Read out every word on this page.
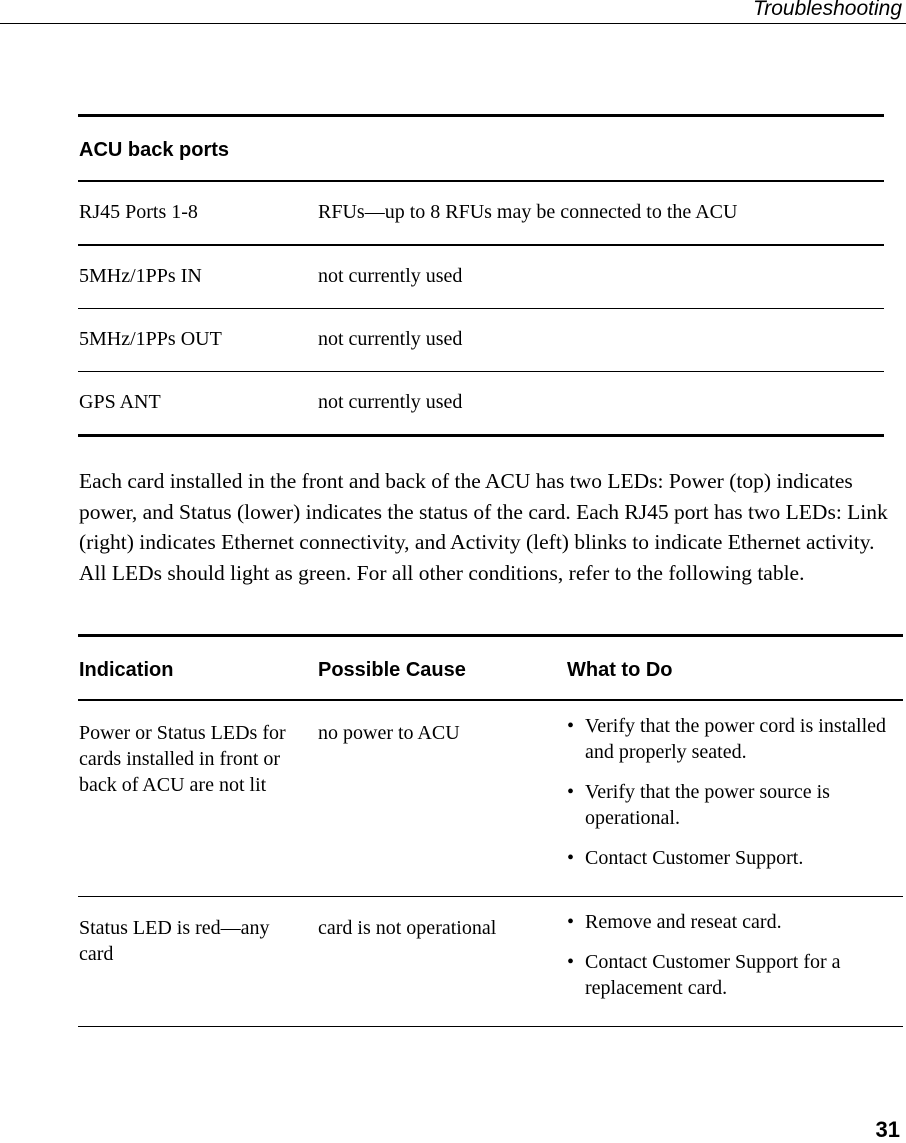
Troubleshooting
ACU back ports
RJ45 Ports 1-8	RFUs—up to 8 RFUs may be connected to the ACU
5MHz/1PPs IN	not currently used
5MHz/1PPs OUT	not currently used
GPS ANT	not currently used
Each card installed in the front and back of the ACU has two LEDs: Power (top) indicates power, and Status (lower) indicates the status of the card. Each RJ45 port has two LEDs: Link (right) indicates Ethernet connectivity, and Activity (left) blinks to indicate Ethernet activity. All LEDs should light as green. For all other conditions, refer to the following table.
Indication	Possible Cause	What to Do
Power or Status LEDs for cards installed in front or back of ACU are not lit
no power to ACU	• Verify that the power cord is installed and properly seated.
• Verify that the power source is operational.
• Contact Customer Support.
Status LED is red—any card
card is not operational	• Remove and reseat card.
• Contact Customer Support for a replacement card.
31
